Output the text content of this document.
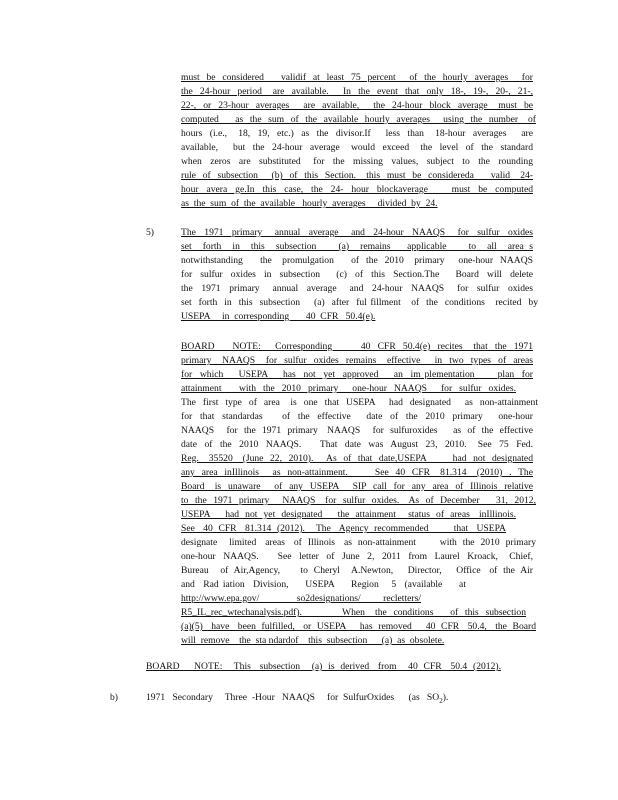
must  be  considered     validif  at  least  75  percent    of  the  hourly  averages    for
the  24-hour  period   are  available.    In  the  event  that  only  18-,  19-,  20-,  21-,
22-,  or  23-hour  averages    are  available,    the  24-hour  block  average   must  be
computed     as  the  sum  of  the  available  hourly  averages    using  the  number   of
hours  (i.e.,   18,  19,  etc.)  as  the  divisor.If    less  than   18-hour  averages    are
available,    but  the  24-hour  average   would  exceed   the  level  of  the  standard
when  zeros  are  substituted   for  the  missing  values,  subject  to  the  rounding
rule  of  subsection    (b)  of  this  Section.   this  must  be  considereda     valid   24-
hour  avera  ge.In  this  case,  the  24-  hour  blockaverage      must  be  computed
as  the  sum  of  the  available   hourly  averages     divided  by  24.
5)	The  1971  primary   annual  average   and  24-hour  NAAQS   for  sulfur  oxides
set  forth  in  this  subsection    (a)  remains   applicable    to  all  area s
notwithstanding     the   promulgation     of  the  2010   primary    one-hour  NAAQS
for  sulfur  oxides  in  subsection    (c)  of  this  Section.The    Board  will  delete
the  1971  primary   annual  average   and  24-hour  NAAQS   for  sulfur  oxides
set  forth  in  this  subsection    (a)  after  ful fillment   of  the  conditions   recited  by
USEPA     in  corresponding       40  CFR   50.4(e).
BOARD     NOTE:    Corresponding        40  CFR  50.4(e)  recites   that  the  1971
primary   NAAQS   for  sulfur  oxides  remains   effective    in  two  types  of  areas
for  which    USEPA    has  not  yet  approved    an  im plementation      plan  for
attainment     with  the  2010  primary    one-hour  NAAQS    for  sulfur  oxides.
The  first  type  of  area   is  one  that  USEPA    had  designated    as  non-attainment
for  that  standardas     of  the  effective    date  of  the  2010  primary    one-hour
NAAQS    for  the  1971  primary   NAAQS    for  sulfuroxides     as  of  the  effective
date  of  the  2010  NAAQS.     That  date  was  August  23,  2010.   See  75  Fed.
Reg.   35520   (June  22,  2010).    As  of  that  date,USEPA        had  not  designated
any  area  inIllinois    as  non-attainment.        See  40  CFR   81.314   (2010)  .  The
Board   is  unaware    of  any  USEPA    SIP  call  for  any  area  of  Illinois  relative
to  the  1971  primary    NAAQS   for  sulfur  oxides.   As  of  December     31,  2012,
USEPA     had  not  yet  designated     the  attainment    status  of  areas   inIllinois.
See   40  CFR   81.314  (2012).    The   Agency  recommended         that   USEPA
designate    limited   areas   of  Illinois   as  non-attainment        with  the  2010  primary
one-hour  NAAQS.     See  letter  of  June  2,  2011  from  Laurel  Kroack,   Chief,
Bureau    of  Air,Agency,       to  Cheryl    A.Newton,     Director,     Office   of  the  Air
and  Rad iation  Division,    USEPA    Region   5  (available    at
http://www.epa.gov/          so2designations/      recletters/
R5_IL_rec_wtechanalysis.pdf).            When   the  conditions     of  this  subsection
(a)(5)   have   been  fulfilled,   or  USEPA     has  removed     40  CFR   50.4,   the  Board
will  remove    the  sta ndardof    this  subsection      (a)  as  obsolete.
BOARD     NOTE:    This   subsection    (a)  is  derived   from    40  CFR   50.4  (2012).
b)	1971   Secondary     Three  -Hour   NAAQS     for  SulfurOxides      (as   $SO_2$).
